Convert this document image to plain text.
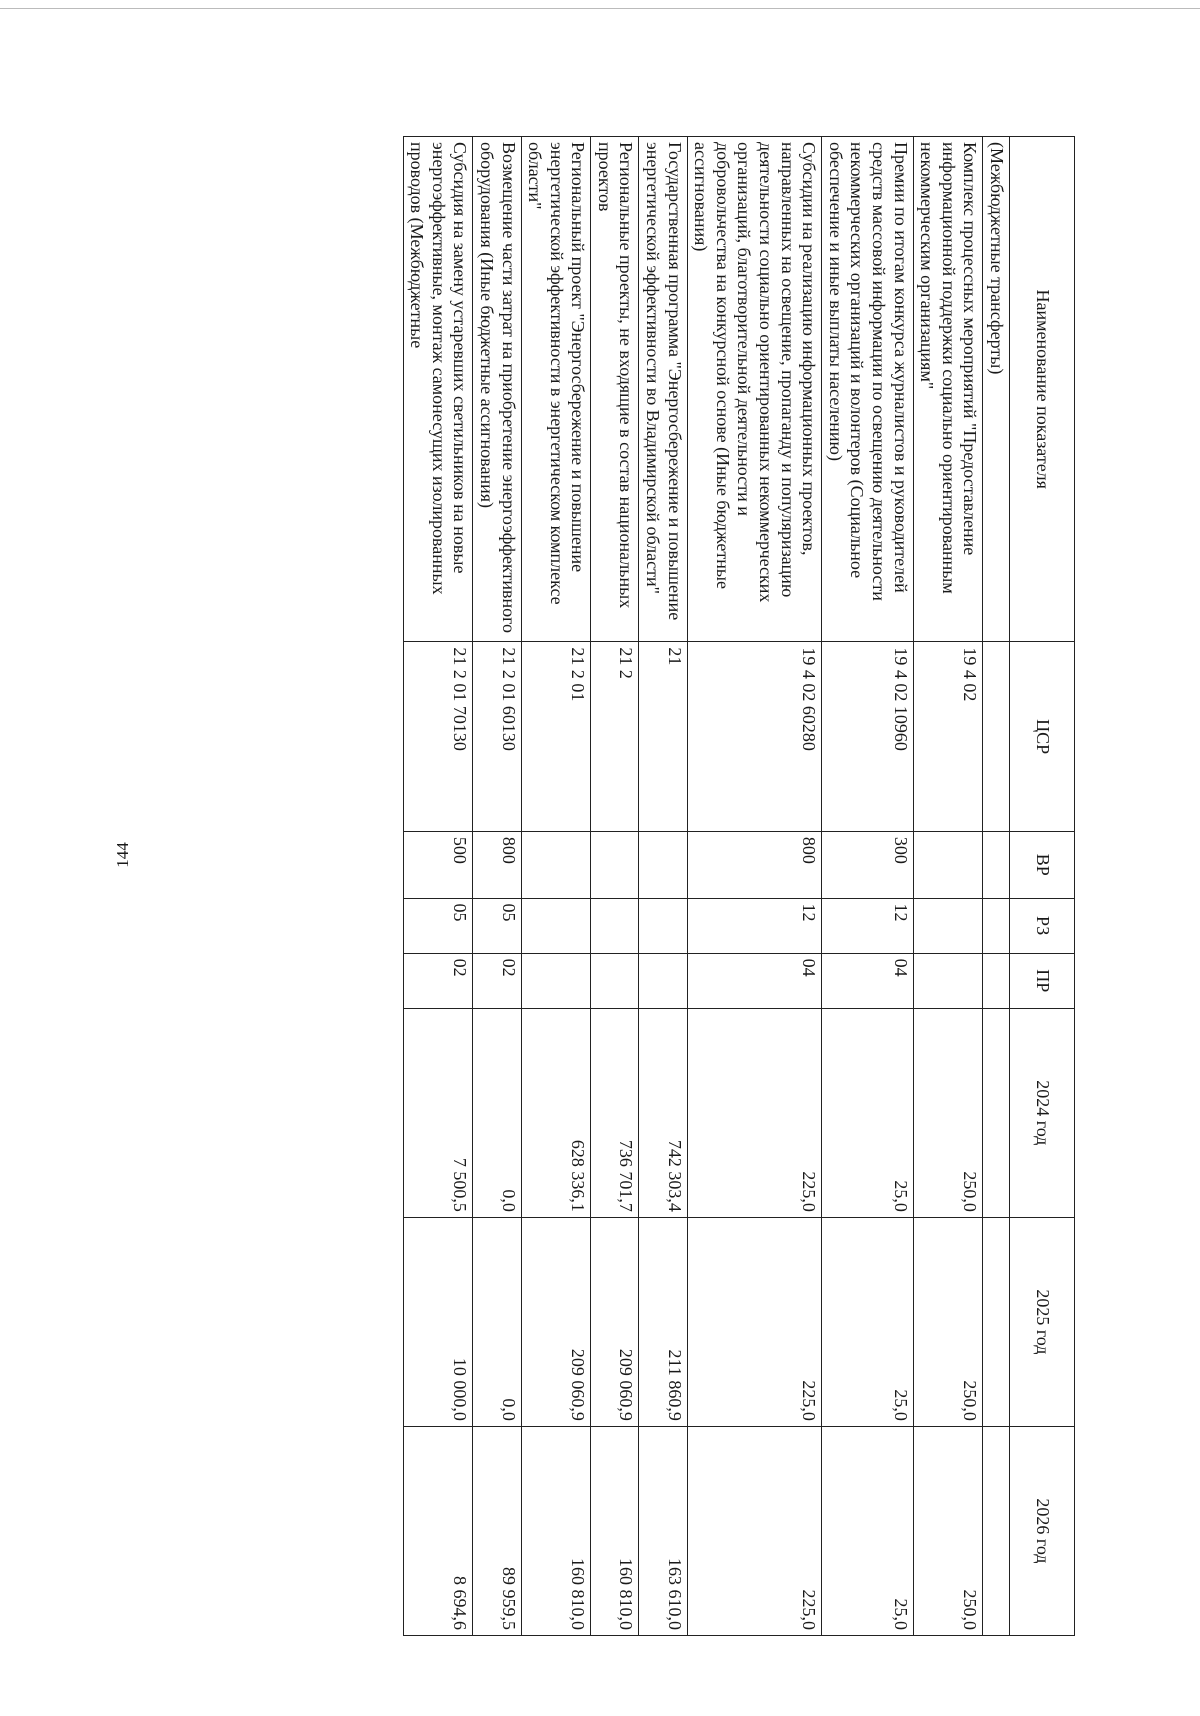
144
Наименование показателя	ЦСР	ВР	РЗ	ПР	2024 год	2025 год	2026 год
(Межбюджетные трансферты)							
Комплекс процессных мероприятий "Предоставление информационной поддержки социально ориентированным некоммерческим организациям"	19 4 02				250,0	250,0	250,0
Премии по итогам конкурса журналистов и руководителей средств массовой информации по освещению деятельности некоммерческих организаций и волонтеров (Социальное обеспечение и иные выплаты населению)	19 4 02 10960	300	12	04	25,0	25,0	25,0
Субсидии на реализацию информационных проектов, направленных на освещение, пропаганду и популяризацию деятельности социально ориентированных некоммерческих организаций, благотворительной деятельности и добровольчества на конкурсной основе (Иные бюджетные ассигнования)	19 4 02 60280	800	12	04	225,0	225,0	225,0
Государственная программа "Энергосбережение и повышение энергетической эффективности во Владимирской области"	21				742 303,4	211 860,9	163 610,0
Региональные проекты, не входящие в состав национальных проектов	21 2				736 701,7	209 060,9	160 810,0
Региональный проект "Энергосбережение и повышение энергетической эффективности в энергетическом комплексе области"	21 2 01				628 336,1	209 060,9	160 810,0
Возмещение части затрат на приобретение энергоэффективного оборудования (Иные бюджетные ассигнования)	21 2 01 60130	800	05	02	0,0	0,0	89 959,5
Субсидия на замену устаревших светильников на новые энергоэффективные, монтаж самонесущих изолированных проводов (Межбюджетные	21 2 01 70130	500	05	02	7 500,5	10 000,0	8 694,6
